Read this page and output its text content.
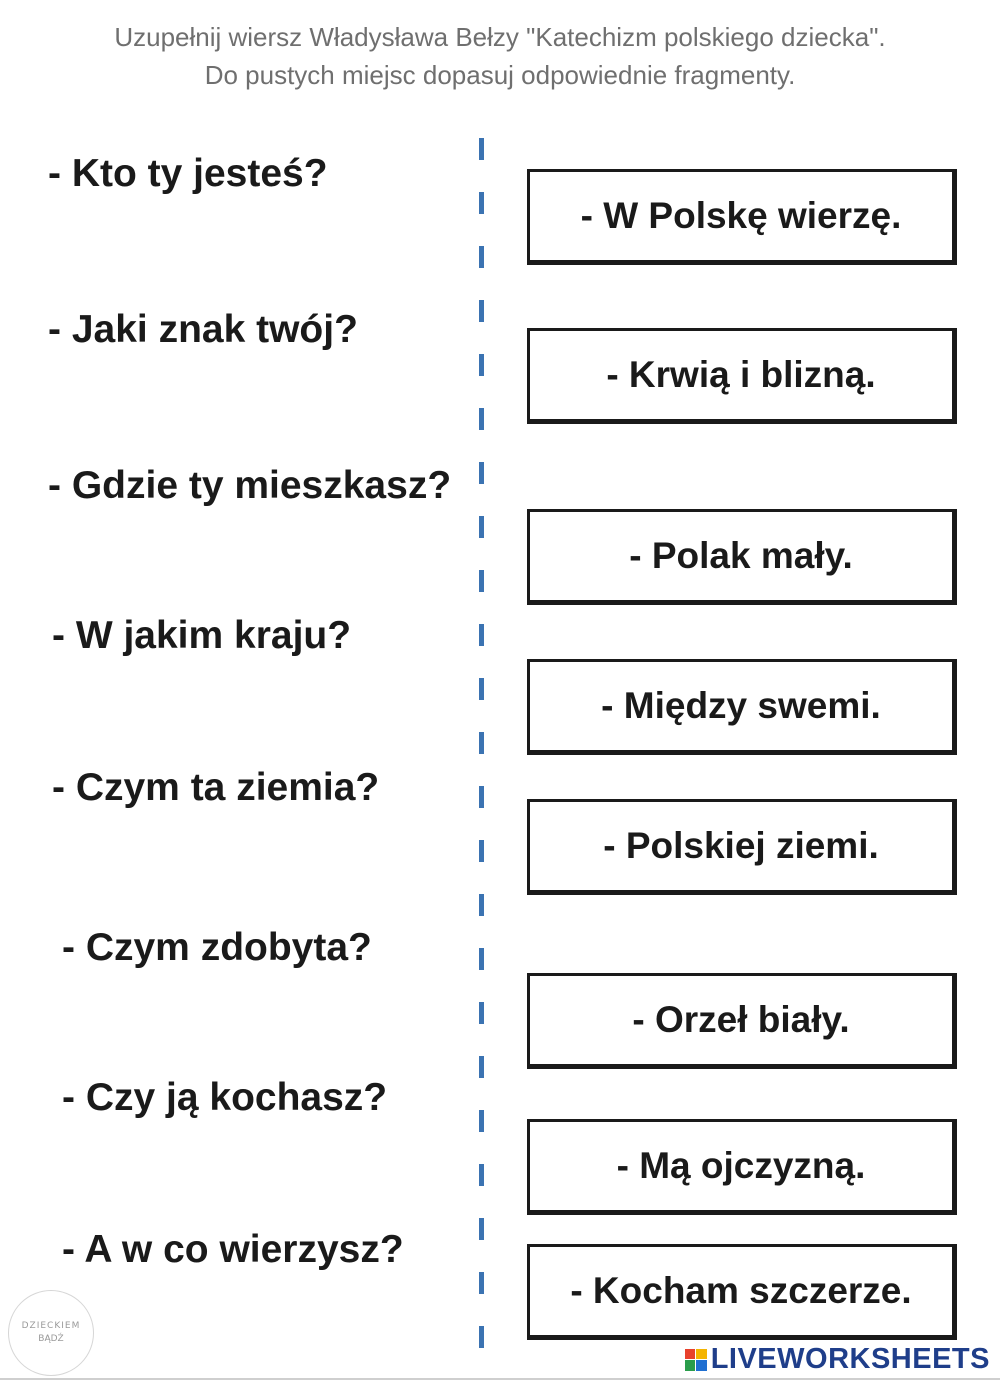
Uzupełnij wiersz Władysława Bełzy "Katechizm polskiego dziecka".
Do pustych miejsc dopasuj odpowiednie fragmenty.
- Kto ty jesteś?
- Jaki znak twój?
- Gdzie ty mieszkasz?
- W jakim kraju?
- Czym ta ziemia?
- Czym zdobyta?
- Czy ją kochasz?
- A w co wierzysz?
- W Polskę wierzę.
- Krwią i blizną.
- Polak mały.
- Między swemi.
- Polskiej ziemi.
- Orzeł biały.
- Mą ojczyzną.
- Kocham szczerze.
DZIECKIEM
BĄDŹ
LIVEWORKSHEETS
